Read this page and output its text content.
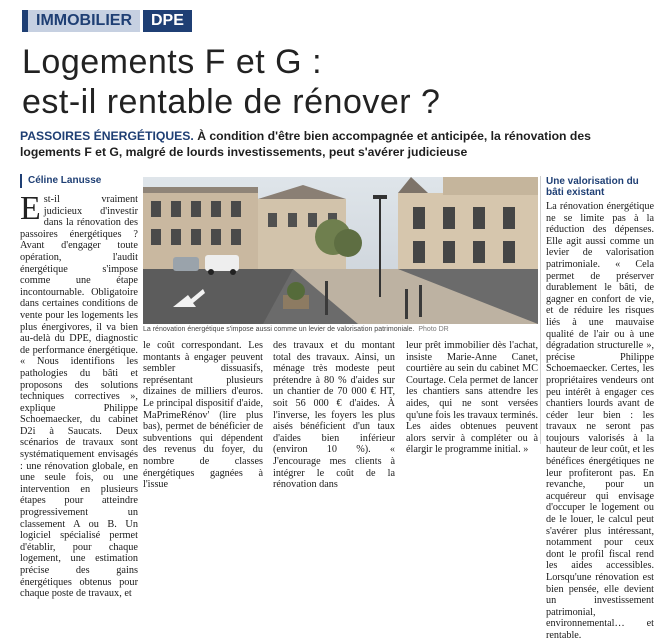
IMMOBILIER	DPE
Logements F et G :
est-il rentable de rénover ?
PASSOIRES ÉNERGÉTIQUES. À condition d'être bien accompagnée et anticipée, la rénovation des logements F et G, malgré de lourds investissements, peut s'avérer judicieuse
Céline Lanusse
Est-il vraiment judicieux d'investir dans la rénovation des passoires énergétiques ? Avant d'engager toute opération, l'audit énergétique s'impose comme une étape incontournable. Obligatoire dans certaines conditions de vente pour les logements les plus énergivores, il va bien au-delà du DPE, diagnostic de performance énergétique. « Nous identifions les pathologies du bâti et proposons des solutions techniques correctives », explique Philippe Schoemaecker, du cabinet D2i à Saucats. Deux scénarios de travaux sont systématiquement envisagés : une rénovation globale, en une seule fois, ou une intervention en plusieurs étapes pour atteindre progressivement un classement A ou B. Un logiciel spécialisé permet d'établir, pour chaque logement, une estimation précise des gains énergétiques obtenus pour chaque poste de travaux, et
La rénovation énergétique s'impose aussi comme un levier de valorisation patrimoniale. Photo DR
le coût correspondant. Les montants à engager peuvent sembler dissuasifs, représentant plusieurs dizaines de milliers d'euros. Le principal dispositif d'aide, MaPrimeRénov' (lire plus bas), permet de bénéficier de subventions qui dépendent des revenus du foyer, du nombre de classes énergétiques gagnées à l'issue
des travaux et du montant total des travaux. Ainsi, un ménage très modeste peut prétendre à 80 % d'aides sur un chantier de 70 000 € HT, soit 56 000 € d'aides. À l'inverse, les foyers les plus aisés bénéficient d'un taux d'aides bien inférieur (environ 10 %). « J'encourage mes clients à intégrer le coût de la rénovation dans
leur prêt immobilier dès l'achat, insiste Marie-Anne Canet, courtière au sein du cabinet MC Courtage. Cela permet de lancer les chantiers sans attendre les aides, qui ne sont versées qu'une fois les travaux terminés. Les aides obtenues peuvent alors servir à compléter ou à élargir le programme initial. »
Une valorisation du bâti existant
La rénovation énergétique ne se limite pas à la réduction des dépenses. Elle agit aussi comme un levier de valorisation patrimoniale. « Cela permet de préserver durablement le bâti, de gagner en confort de vie, et de réduire les risques liés à une mauvaise qualité de l'air ou à une dégradation structurelle », précise Philippe Schoemaecker. Certes, les propriétaires vendeurs ont peu intérêt à engager ces chantiers lourds avant de céder leur bien : les travaux ne seront pas toujours valorisés à la hauteur de leur coût, et les bénéfices énergétiques ne leur profiteront pas. En revanche, pour un acquéreur qui envisage d'occuper le logement ou de le louer, le calcul peut s'avérer plus intéressant, notamment pour ceux dont le profil fiscal rend les aides accessibles. Lorsqu'une rénovation est bien pensée, elle devient un investissement patrimonial, environnemental… et rentable.
